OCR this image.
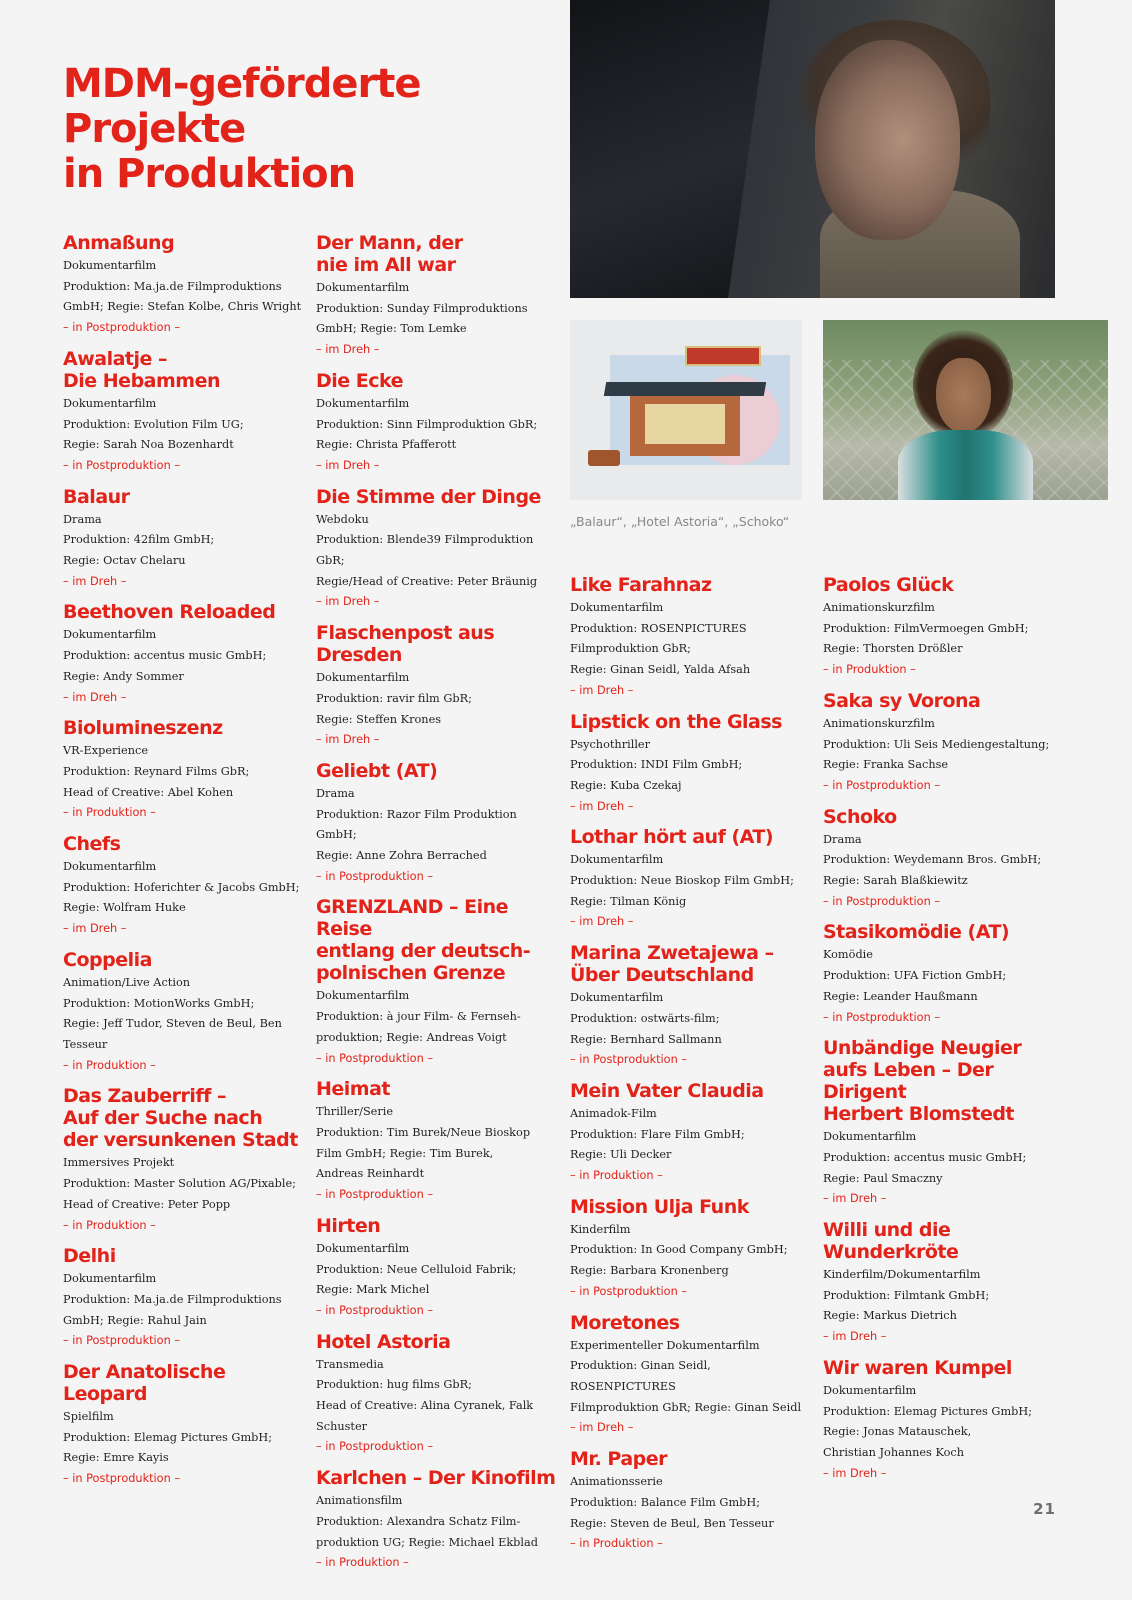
MDM-geförderte Projekte
in Produktion
„Balaur“, „Hotel Astoria“, „Schoko“
Anmaßung
Dokumentarfilm
Produktion: Ma.ja.de Filmproduktions
GmbH; Regie: Stefan Kolbe, Chris Wright
– in Postproduktion –
Awalatje –
Die Hebammen
Dokumentarfilm
Produktion: Evolution Film UG;
Regie: Sarah Noa Bozenhardt
– in Postproduktion –
Balaur
Drama
Produktion: 42film GmbH;
Regie: Octav Chelaru
– im Dreh –
Beethoven Reloaded
Dokumentarfilm
Produktion: accentus music GmbH;
Regie: Andy Sommer
– im Dreh –
Biolumineszenz
VR-Experience
Produktion: Reynard Films GbR;
Head of Creative: Abel Kohen
– in Produktion –
Chefs
Dokumentarfilm
Produktion: Hoferichter & Jacobs GmbH;
Regie: Wolfram Huke
– im Dreh –
Coppelia
Animation/Live Action
Produktion: MotionWorks GmbH;
Regie: Jeff Tudor, Steven de Beul, Ben Tesseur
– in Produktion –
Das Zauberriff –
Auf der Suche nach
der versunkenen Stadt
Immersives Projekt
Produktion: Master Solution AG/Pixable;
Head of Creative: Peter Popp
– in Produktion –
Delhi
Dokumentarfilm
Produktion: Ma.ja.de Filmproduktions
GmbH; Regie: Rahul Jain
– in Postproduktion –
Der Anatolische Leopard
Spielfilm
Produktion: Elemag Pictures GmbH;
Regie: Emre Kayis
– in Postproduktion –
Der Mann, der
nie im All war
Dokumentarfilm
Produktion: Sunday Filmproduktions
GmbH; Regie: Tom Lemke
– im Dreh –
Die Ecke
Dokumentarfilm
Produktion: Sinn Filmproduktion GbR;
Regie: Christa Pfafferott
– im Dreh –
Die Stimme der Dinge
Webdoku
Produktion: Blende39 Filmproduktion GbR;
Regie/Head of Creative: Peter Bräunig
– im Dreh –
Flaschenpost aus Dresden
Dokumentarfilm
Produktion: ravir film GbR;
Regie: Steffen Krones
– im Dreh –
Geliebt (AT)
Drama
Produktion: Razor Film Produktion GmbH;
Regie: Anne Zohra Berrached
– in Postproduktion –
GRENZLAND – Eine Reise
entlang der deutsch-
polnischen Grenze
Dokumentarfilm
Produktion: à jour Film- & Fernseh-
produktion; Regie: Andreas Voigt
– in Postproduktion –
Heimat
Thriller/Serie
Produktion: Tim Burek/Neue Bioskop
Film GmbH; Regie: Tim Burek,
Andreas Reinhardt
– in Postproduktion –
Hirten
Dokumentarfilm
Produktion: Neue Celluloid Fabrik;
Regie: Mark Michel
– in Postproduktion –
Hotel Astoria
Transmedia
Produktion: hug films GbR;
Head of Creative: Alina Cyranek, Falk
Schuster
– in Postproduktion –
Karlchen – Der Kinofilm
Animationsfilm
Produktion: Alexandra Schatz Film-
produktion UG; Regie: Michael Ekblad
– in Produktion –
Like Farahnaz
Dokumentarfilm
Produktion: ROSENPICTURES
Filmproduktion GbR;
Regie: Ginan Seidl, Yalda Afsah
– im Dreh –
Lipstick on the Glass
Psychothriller
Produktion: INDI Film GmbH;
Regie: Kuba Czekaj
– im Dreh –
Lothar hört auf (AT)
Dokumentarfilm
Produktion: Neue Bioskop Film GmbH;
Regie: Tilman König
– im Dreh –
Marina Zwetajewa –
Über Deutschland
Dokumentarfilm
Produktion: ostwärts-film;
Regie: Bernhard Sallmann
– in Postproduktion –
Mein Vater Claudia
Animadok-Film
Produktion: Flare Film GmbH;
Regie: Uli Decker
– in Produktion –
Mission Ulja Funk
Kinderfilm
Produktion: In Good Company GmbH;
Regie: Barbara Kronenberg
– in Postproduktion –
Moretones
Experimenteller Dokumentarfilm
Produktion: Ginan Seidl, ROSENPICTURES
Filmproduktion GbR; Regie: Ginan Seidl
– im Dreh –
Mr. Paper
Animationsserie
Produktion: Balance Film GmbH;
Regie: Steven de Beul, Ben Tesseur
– in Produktion –
Paolos Glück
Animationskurzfilm
Produktion: FilmVermoegen GmbH;
Regie: Thorsten Drößler
– in Produktion –
Saka sy Vorona
Animationskurzfilm
Produktion: Uli Seis Mediengestaltung;
Regie: Franka Sachse
– in Postproduktion –
Schoko
Drama
Produktion: Weydemann Bros. GmbH;
Regie: Sarah Blaßkiewitz
– in Postproduktion –
Stasikomödie (AT)
Komödie
Produktion: UFA Fiction GmbH;
Regie: Leander Haußmann
– in Postproduktion –
Unbändige Neugier
aufs Leben – Der Dirigent
Herbert Blomstedt
Dokumentarfilm
Produktion: accentus music GmbH;
Regie: Paul Smaczny
– im Dreh –
Willi und die Wunderkröte
Kinderfilm/Dokumentarfilm
Produktion: Filmtank GmbH;
Regie: Markus Dietrich
– im Dreh –
Wir waren Kumpel
Dokumentarfilm
Produktion: Elemag Pictures GmbH;
Regie: Jonas Matauschek,
Christian Johannes Koch
– im Dreh –
21
